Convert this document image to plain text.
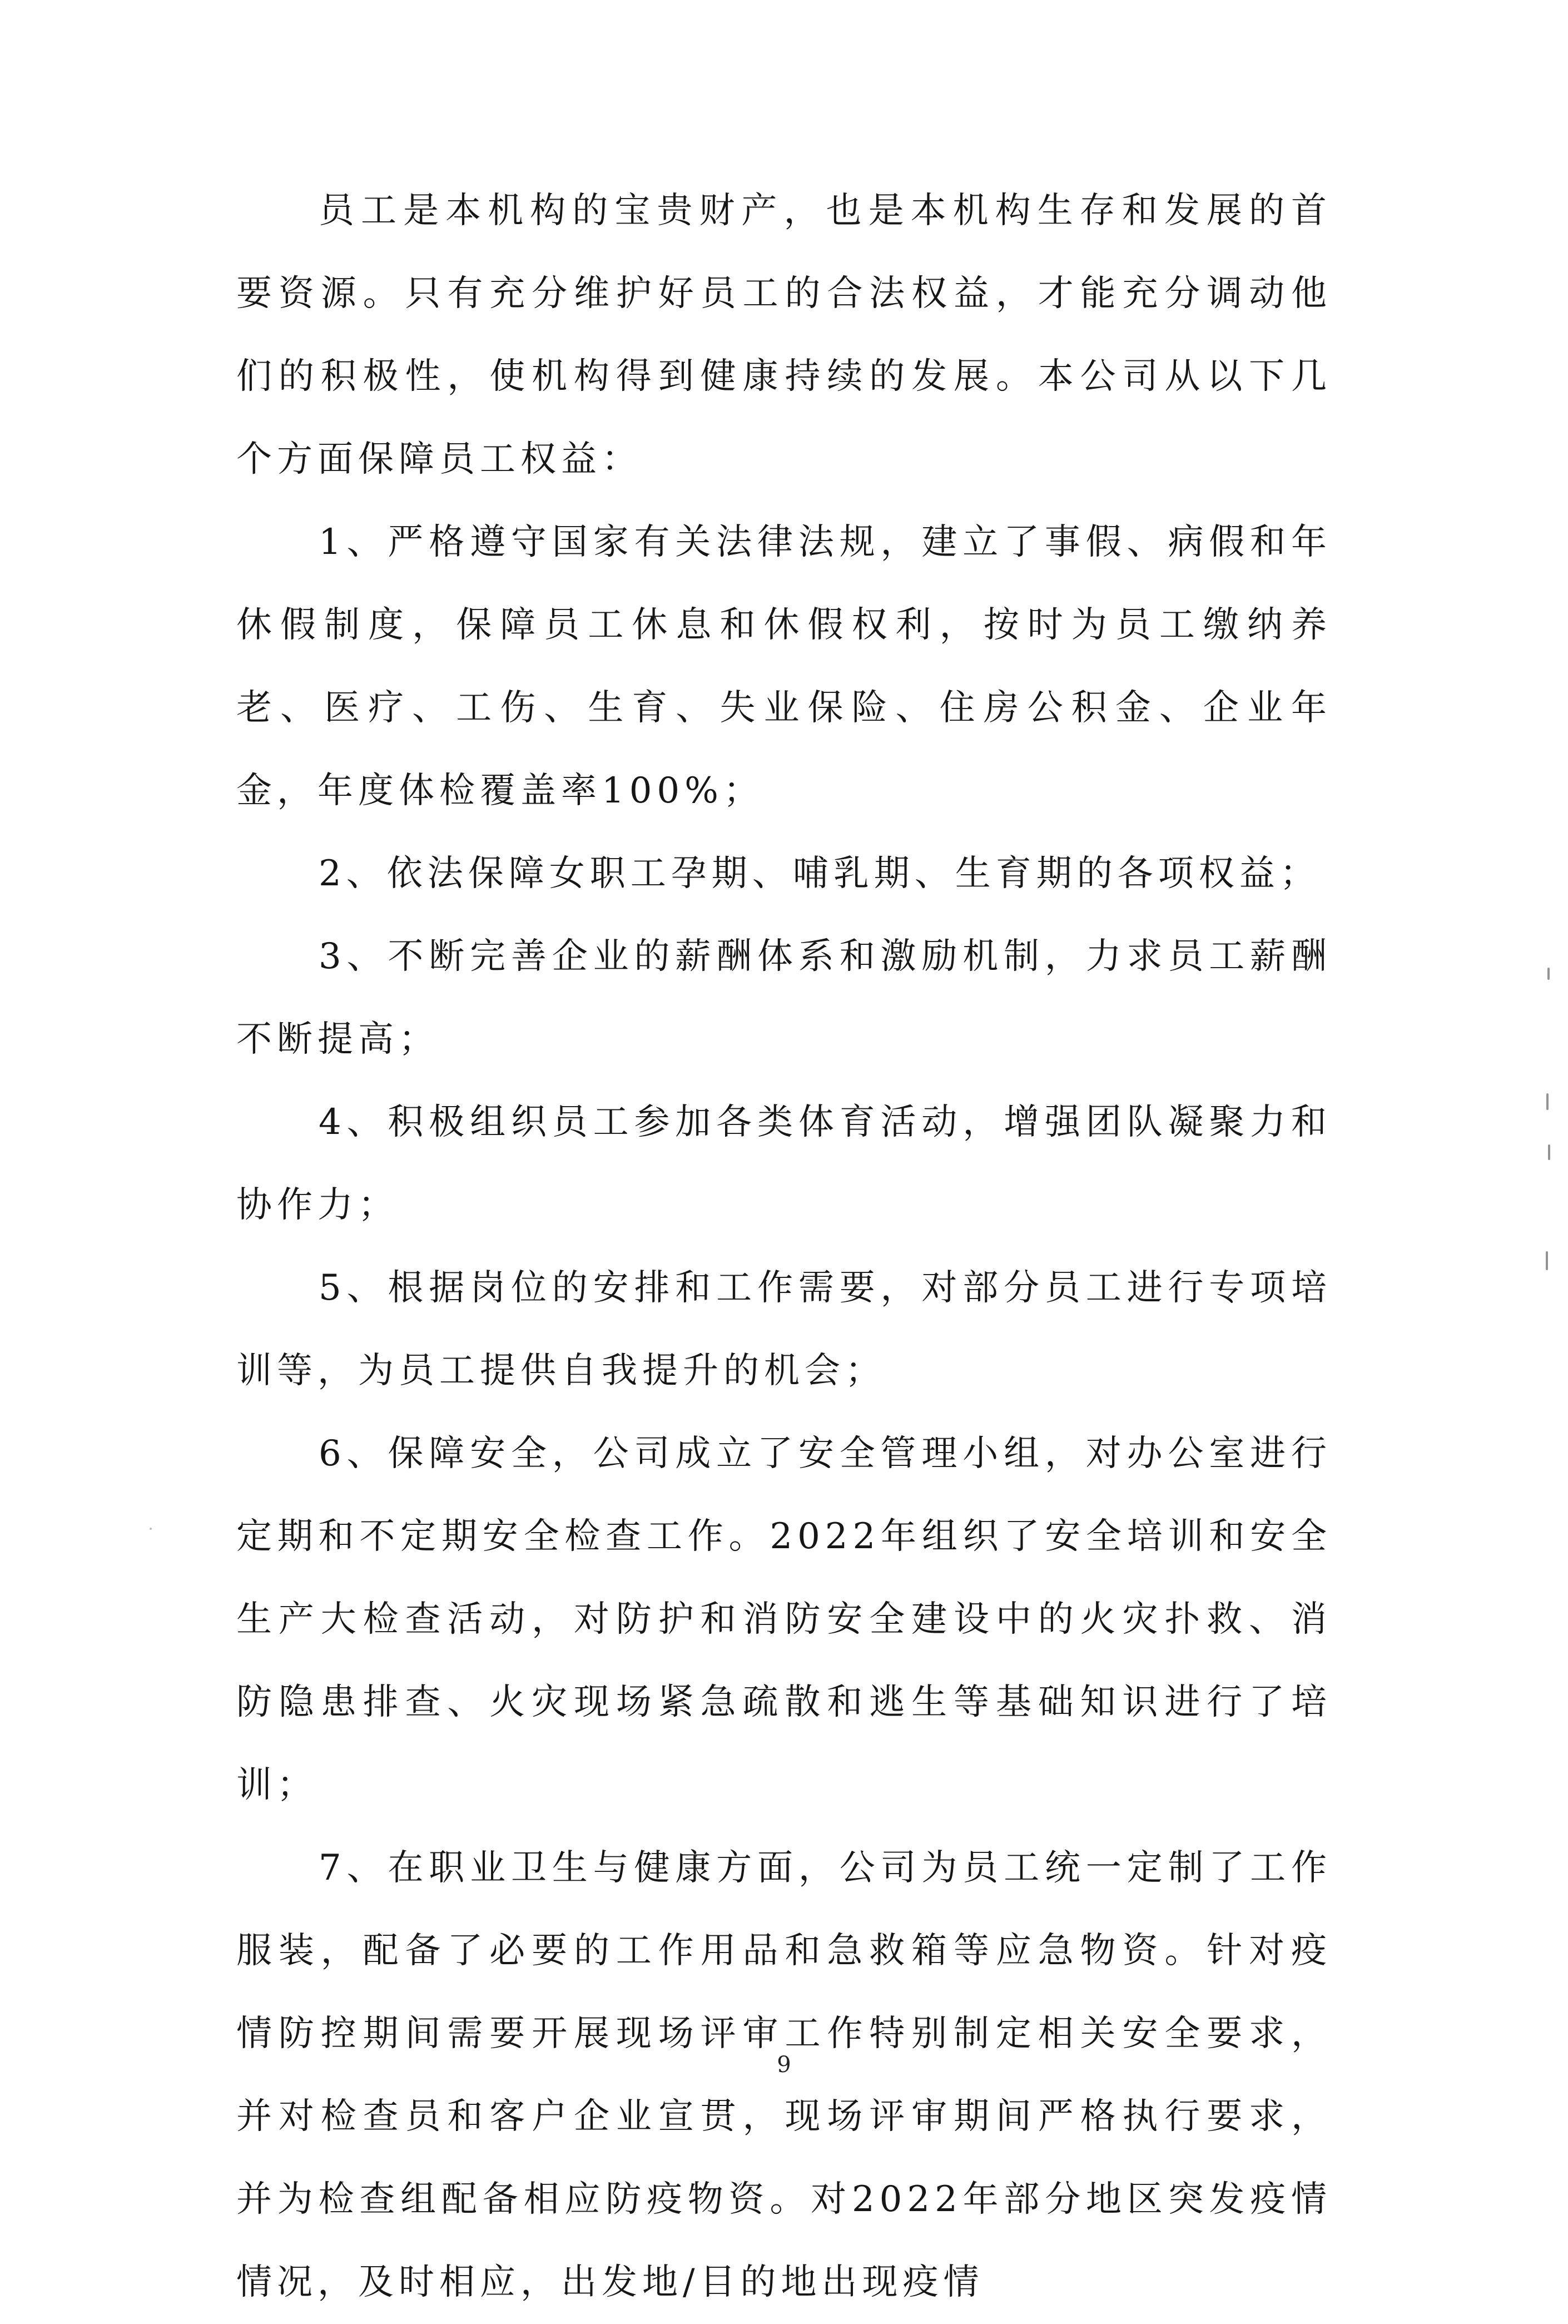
员工是本机构的宝贵财产，也是本机构生存和发展的首要资源。只有充分维护好员工的合法权益，才能充分调动他们的积极性，使机构得到健康持续的发展。本公司从以下几个方面保障员工权益：

1、严格遵守国家有关法律法规，建立了事假、病假和年休假制度，保障员工休息和休假权利，按时为员工缴纳养老、医疗、工伤、生育、失业保险、住房公积金、企业年金，年度体检覆盖率100%；

2、依法保障女职工孕期、哺乳期、生育期的各项权益；

3、不断完善企业的薪酬体系和激励机制，力求员工薪酬不断提高；

4、积极组织员工参加各类体育活动，增强团队凝聚力和协作力；

5、根据岗位的安排和工作需要，对部分员工进行专项培训等，为员工提供自我提升的机会；

6、保障安全，公司成立了安全管理小组，对办公室进行定期和不定期安全检查工作。2022年组织了安全培训和安全生产大检查活动，对防护和消防安全建设中的火灾扑救、消防隐患排查、火灾现场紧急疏散和逃生等基础知识进行了培训；

7、在职业卫生与健康方面，公司为员工统一定制了工作服装，配备了必要的工作用品和急救箱等应急物资。针对疫情防控期间需要开展现场评审工作特别制定相关安全要求，并对检查员和客户企业宣贯，现场评审期间严格执行要求，并为检查组配备相应防疫物资。对2022年部分地区突发疫情情况，及时相应，出发地/目的地出现疫情

9
